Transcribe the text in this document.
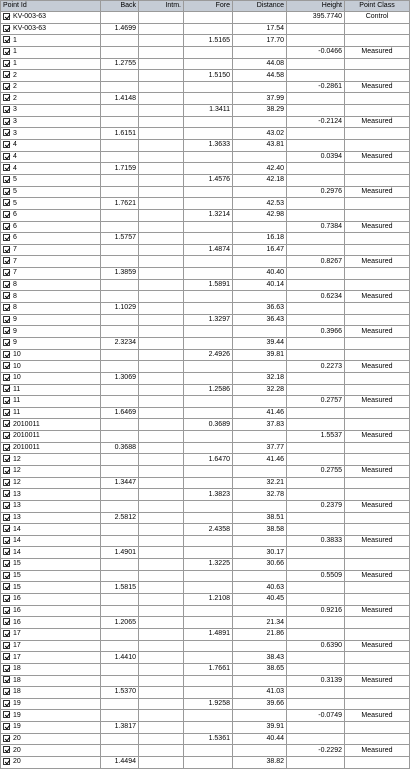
Point Id	Back	Intm.	Fore	Distance	Height	Point Class
KV-003-63					395.7740	Control
KV-003-63	1.4699			17.54		
1			1.5165	17.70		
1					-0.0466	Measured
1	1.2755			44.08		
2			1.5150	44.58		
2					-0.2861	Measured
2	1.4148			37.99		
3			1.3411	38.29		
3					-0.2124	Measured
3	1.6151			43.02		
4			1.3633	43.81		
4					0.0394	Measured
4	1.7159			42.40		
5			1.4576	42.18		
5					0.2976	Measured
5	1.7621			42.53		
6			1.3214	42.98		
6					0.7384	Measured
6	1.5757			16.18		
7			1.4874	16.47		
7					0.8267	Measured
7	1.3859			40.40		
8			1.5891	40.14		
8					0.6234	Measured
8	1.1029			36.63		
9			1.3297	36.43		
9					0.3966	Measured
9	2.3234			39.44		
10			2.4926	39.81		
10					0.2273	Measured
10	1.3069			32.18		
11			1.2586	32.28		
11					0.2757	Measured
11	1.6469			41.46		
2010011			0.3689	37.83		
2010011					1.5537	Measured
2010011	0.3688			37.77		
12			1.6470	41.46		
12					0.2755	Measured
12	1.3447			32.21		
13			1.3823	32.78		
13					0.2379	Measured
13	2.5812			38.51		
14			2.4358	38.58		
14					0.3833	Measured
14	1.4901			30.17		
15			1.3225	30.66		
15					0.5509	Measured
15	1.5815			40.63		
16			1.2108	40.45		
16					0.9216	Measured
16	1.2065			21.34		
17			1.4891	21.86		
17					0.6390	Measured
17	1.4410			38.43		
18			1.7661	38.65		
18					0.3139	Measured
18	1.5370			41.03		
19			1.9258	39.66		
19					-0.0749	Measured
19	1.3817			39.91		
20			1.5361	40.44		
20					-0.2292	Measured
20	1.4494			38.82		
